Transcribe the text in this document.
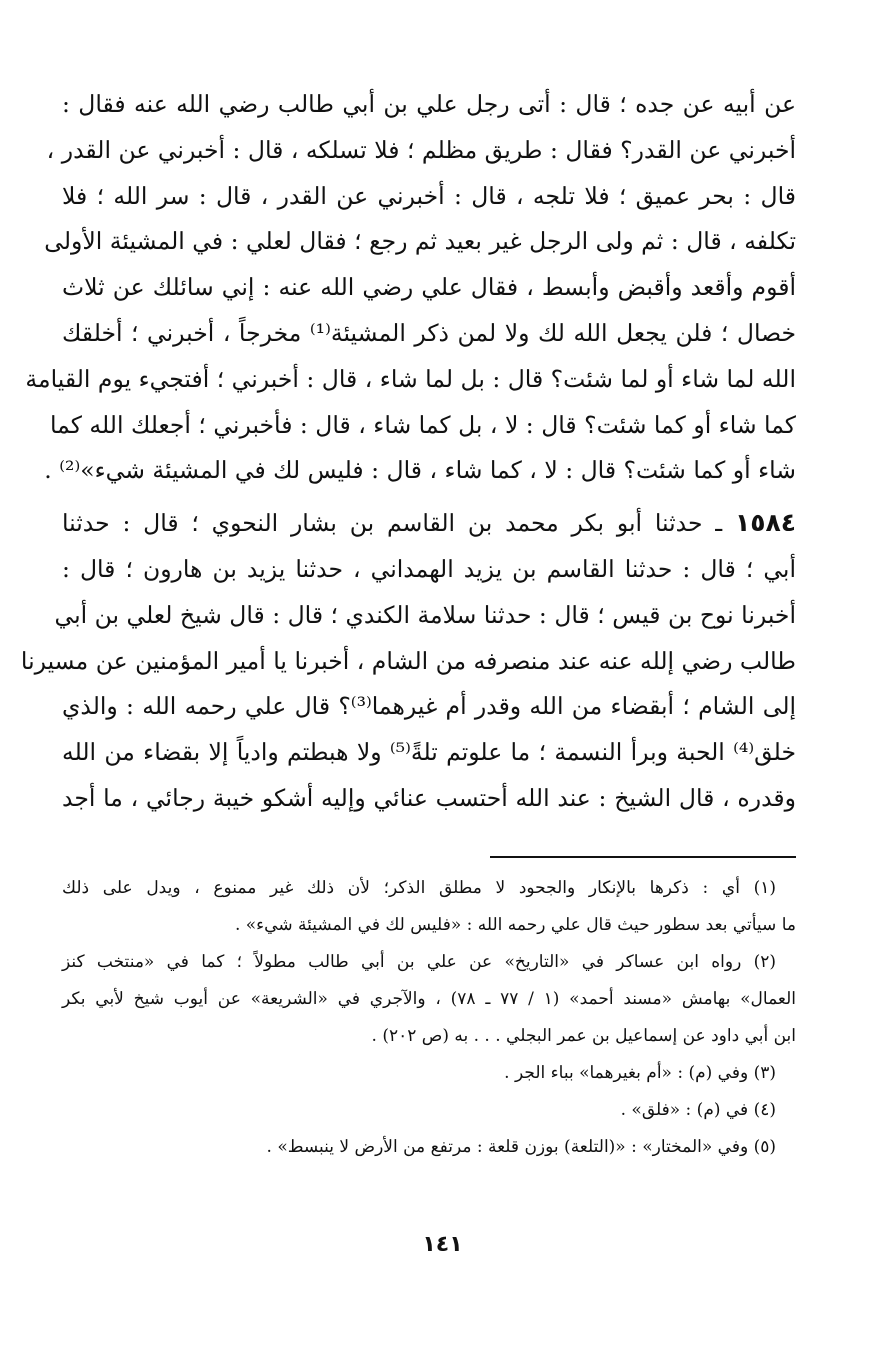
عن أبيه عن جده ؛ قال : أتى رجل علي بن أبي طالب رضي الله عنه فقال :
أخبرني عن القدر؟ فقال : طريق مظلم ؛ فلا تسلكه ، قال : أخبرني عن القدر ،
قال : بحر عميق ؛ فلا تلجه ، قال : أخبرني عن القدر ، قال : سر الله ؛ فلا
تكلفه ، قال : ثم ولى الرجل غير بعيد ثم رجع ؛ فقال لعلي : في المشيئة الأولى
أقوم وأقعد وأقبض وأبسط ، فقال علي رضي الله عنه : إني سائلك عن ثلاث
خصال ؛ فلن يجعل الله لك ولا لمن ذكر المشيئة⁽¹⁾ مخرجاً ، أخبرني ؛ أخلقك
الله لما شاء أو لما شئت؟ قال : بل لما شاء ، قال : أخبرني ؛ أفتجيء يوم القيامة
كما شاء أو كما شئت؟ قال : لا ، بل كما شاء ، قال : فأخبرني ؛ أجعلك الله كما
شاء أو كما شئت؟ قال : لا ، كما شاء ، قال : فليس لك في المشيئة شيء»⁽²⁾ .
١٥٨٤ ـ حدثنا أبو بكر محمد بن القاسم بن بشار النحوي ؛ قال : حدثنا
أبي ؛ قال : حدثنا القاسم بن يزيد الهمداني ، حدثنا يزيد بن هارون ؛ قال :
أخبرنا نوح بن قيس ؛ قال : حدثنا سلامة الكندي ؛ قال : قال شيخ لعلي بن أبي
طالب رضي إلله عنه عند منصرفه من الشام ، أخبرنا يا أمير المؤمنين عن مسيرنا
إلى الشام ؛ أبقضاء من الله وقدر أم غيرهما⁽³⁾؟ قال علي رحمه الله : والذي
خلق⁽⁴⁾ الحبة وبرأ النسمة ؛ ما علوتم تلةً⁽⁵⁾ ولا هبطتم وادياً إلا بقضاء من الله
وقدره ، قال الشيخ : عند الله أحتسب عنائي وإليه أشكو خيبة رجائي ، ما أجد
(١) أي : ذكرها بالإنكار والجحود لا مطلق الذكر؛ لأن ذلك غير ممنوع ، ويدل على ذلك
ما سيأتي بعد سطور حيث قال علي رحمه الله : «فليس لك في المشيئة شيء» .
(٢) رواه ابن عساكر في «التاريخ» عن علي بن أبي طالب مطولاً ؛ كما في «منتخب كنز
العمال» بهامش «مسند أحمد» (١ / ٧٧ ـ ٧٨) ، والآجري في «الشريعة» عن أيوب شيخ لأبي بكر
ابن أبي داود عن إسماعيل بن عمر البجلي . . . به (ص ٢٠٢) .
(٣) وفي (م) : «أم بغيرهما» بباء الجر .
(٤) في (م) : «فلق» .
(٥) وفي «المختار» : «(التلعة) بوزن قلعة : مرتفع من الأرض لا ينبسط» .
١٤١
